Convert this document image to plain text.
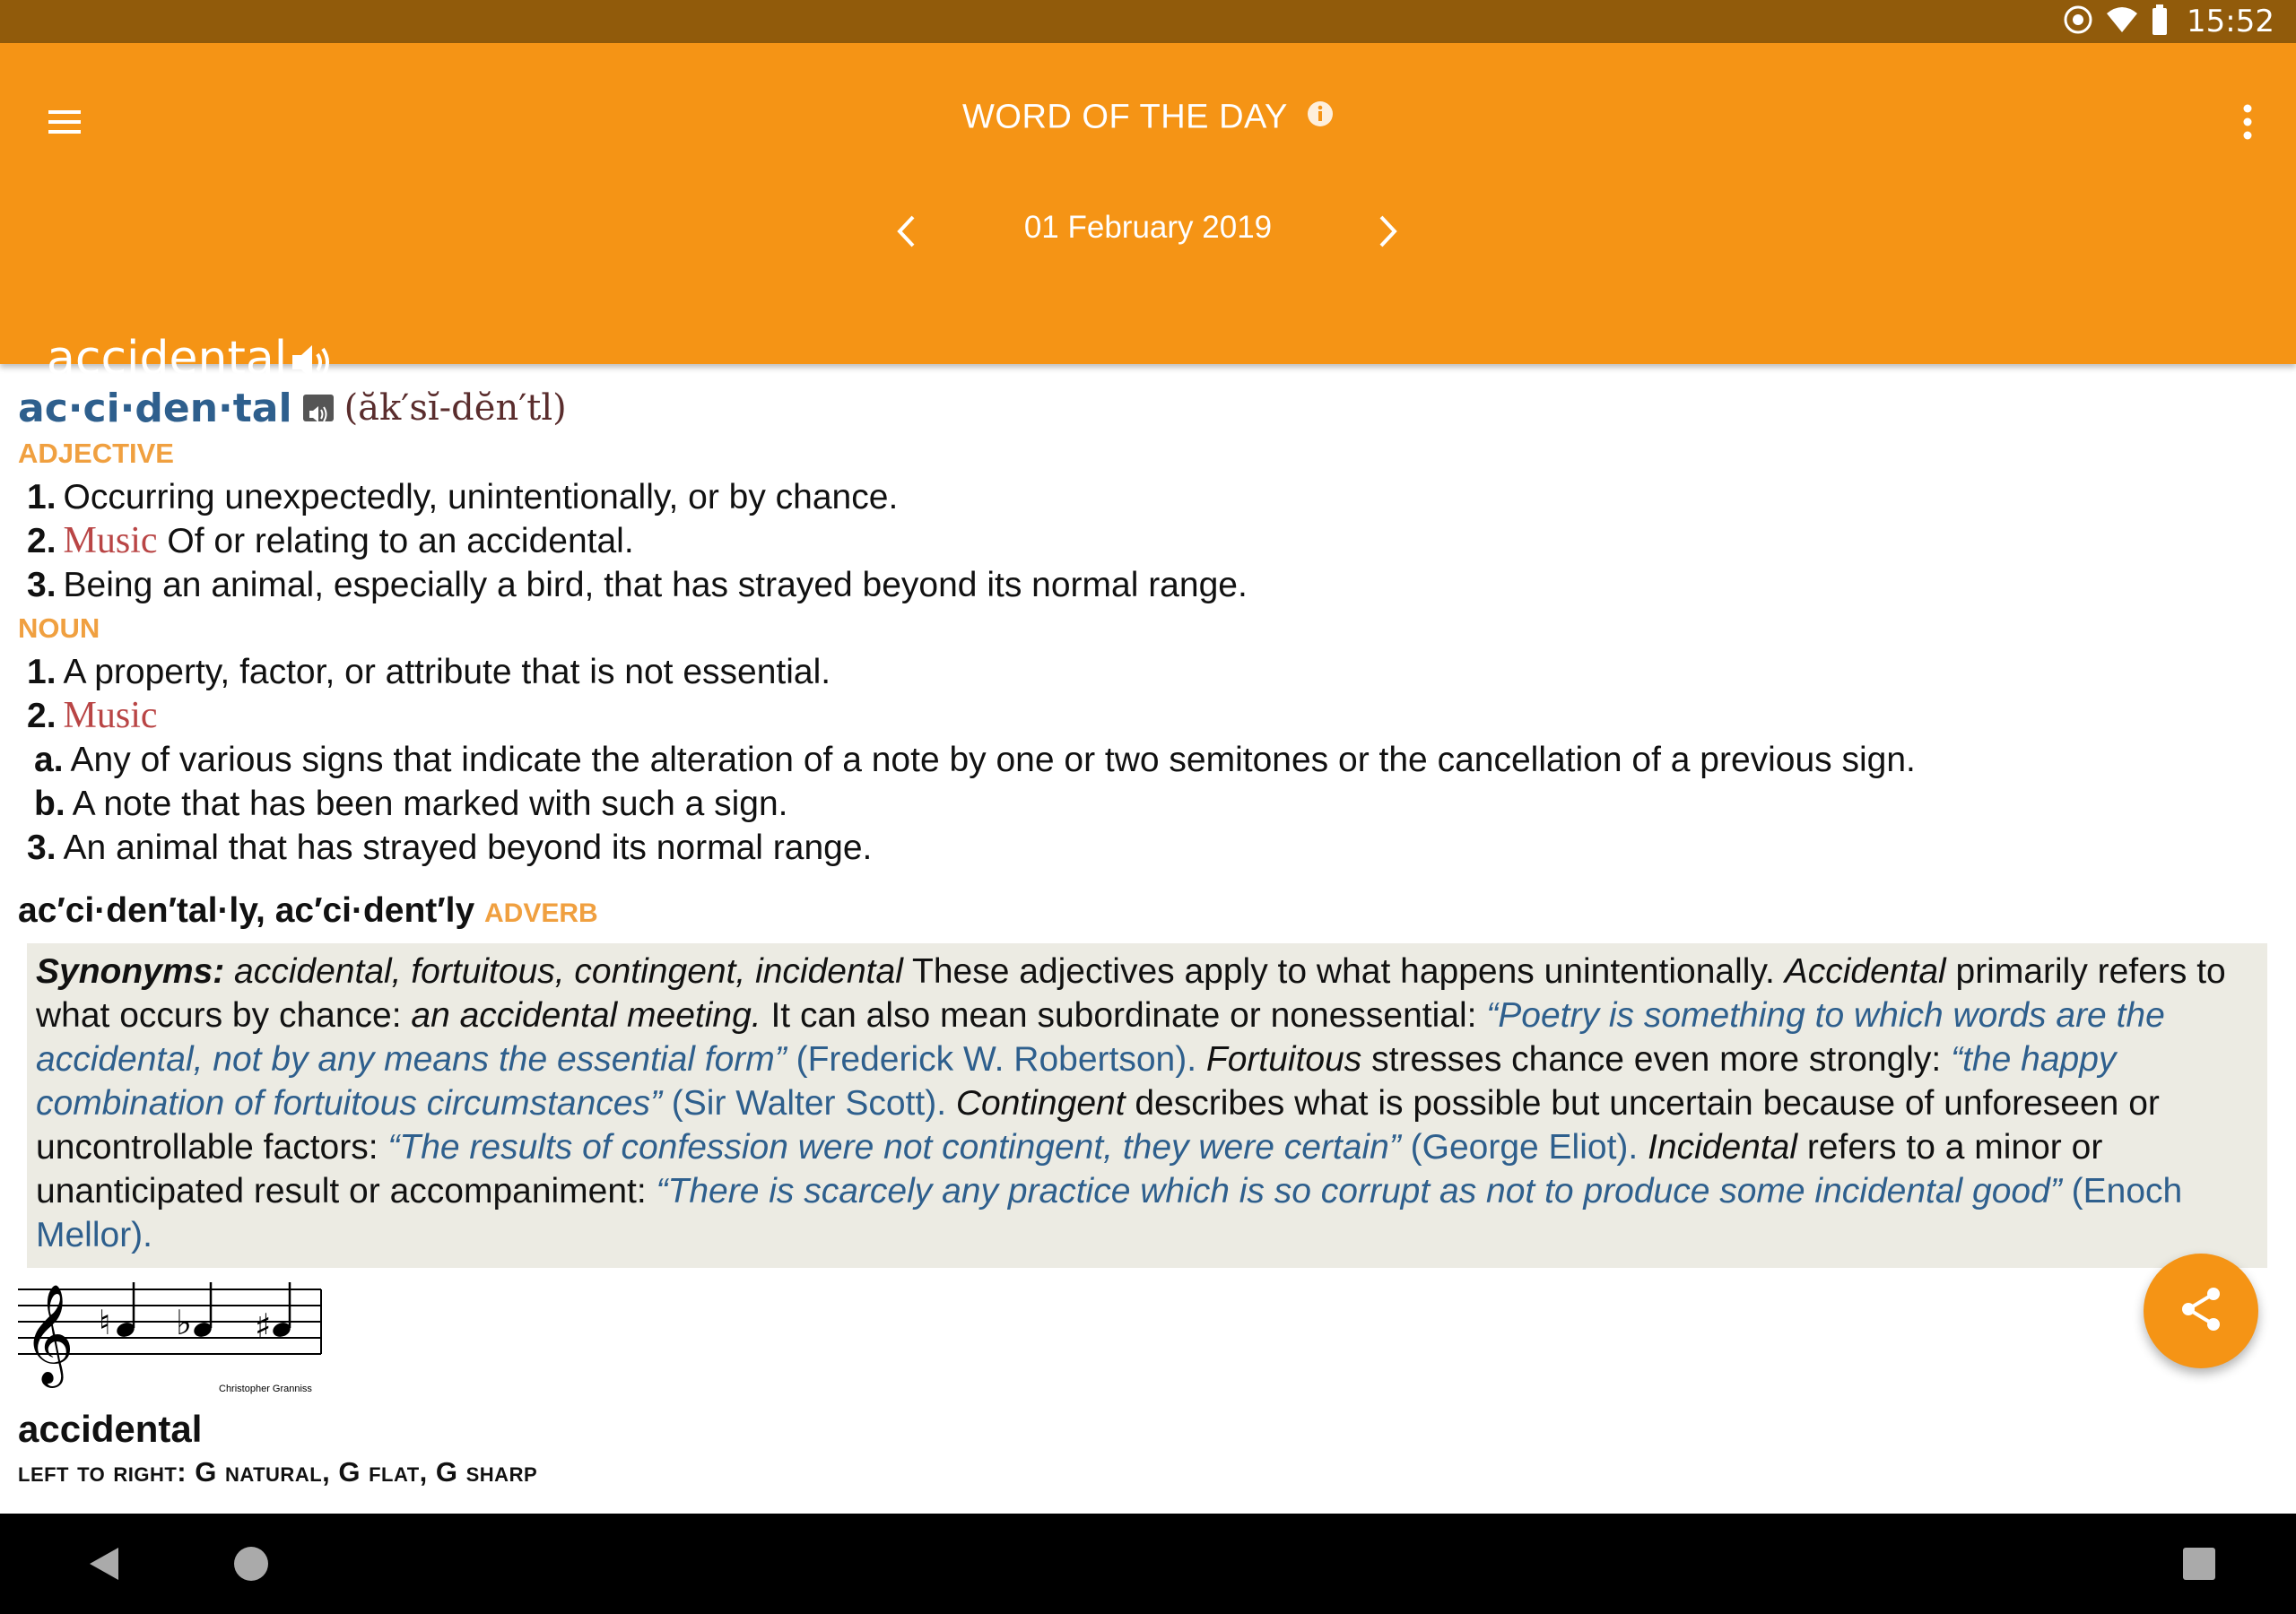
15:52
WORD OF THE DAY
01 February 2019
accidental
ac·ci·den·tal (ăk′sĭ-dĕn′tl)
ADJECTIVE
1. Occurring unexpectedly, unintentionally, or by chance.
2. Music Of or relating to an accidental.
3. Being an animal, especially a bird, that has strayed beyond its normal range.
NOUN
1. A property, factor, or attribute that is not essential.
2. Music
a. Any of various signs that indicate the alteration of a note by one or two semitones or the cancellation of a previous sign.
b. A note that has been marked with such a sign.
3. An animal that has strayed beyond its normal range.
ac′ci·den′tal·ly, ac′ci·dent′ly ADVERB
Synonyms: accidental, fortuitous, contingent, incidental These adjectives apply to what happens unintentionally. Accidental primarily refers to what occurs by chance: an accidental meeting. It can also mean subordinate or nonessential: “Poetry is something to which words are the accidental, not by any means the essential form” (Frederick W. Robertson). Fortuitous stresses chance even more strongly: “the happy combination of fortuitous circumstances” (Sir Walter Scott). Contingent describes what is possible but uncertain because of unforeseen or uncontrollable factors: “The results of confession were not contingent, they were certain” (George Eliot). Incidental refers to a minor or unanticipated result or accompaniment: “There is scarcely any practice which is so corrupt as not to produce some incidental good” (Enoch Mellor).
𝄞 ♮ ♭ ♯
Christopher Granniss
accidental
left to right: G natural, G flat, G sharp
